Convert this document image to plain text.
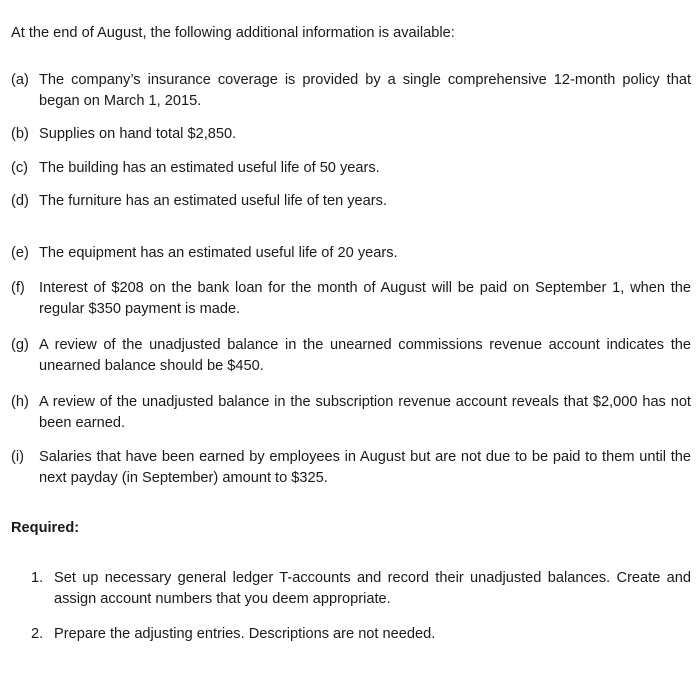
At the end of August, the following additional information is available:

(a) The company’s insurance coverage is provided by a single comprehensive 12-month policy that began on March 1, 2015.
(b) Supplies on hand total $2,850.
(c) The building has an estimated useful life of 50 years.
(d) The furniture has an estimated useful life of ten years.
(e) The equipment has an estimated useful life of 20 years.
(f) Interest of $208 on the bank loan for the month of August will be paid on September 1, when the regular $350 payment is made.
(g) A review of the unadjusted balance in the unearned commissions revenue account indicates the unearned balance should be $450.
(h) A review of the unadjusted balance in the subscription revenue account reveals that $2,000 has not been earned.
(i) Salaries that have been earned by employees in August but are not due to be paid to them until the next payday (in September) amount to $325.

Required:

1. Set up necessary general ledger T-accounts and record their unadjusted balances. Create and assign account numbers that you deem appropriate.
2. Prepare the adjusting entries. Descriptions are not needed.
